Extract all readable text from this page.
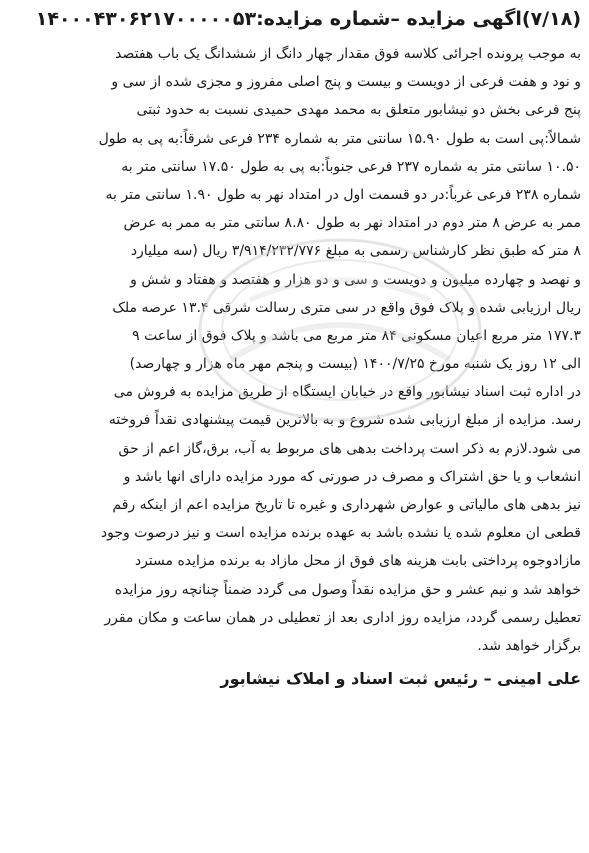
(۷/۱۸)اگهی مزایده –شماره مزایده:۱۴۰۰۰۴۳۰۶۲۱۷۰۰۰۰۰۵۳
به موجب پرونده اجرائی کلاسه فوق مقدار چهار دانگ از ششدانگ یک باب هفتصد
و نود و هفت فرعی از دویست و بیست و پنج اصلی مفروز و مجزی شده از سی و
پنج فرعی بخش دو نیشابور متعلق به محمد مهدی حمیدی نسبت به حدود ثبتی
شمالاً:پی است به طول ۱۵.۹۰ سانتی متر به شماره ۲۳۴ فرعی شرقاً:به پی به طول
۱۰.۵۰ سانتی متر به شماره ۲۳۷ فرعی جنوباً:به پی به طول ۱۷.۵۰ سانتی متر به
شماره ۲۳۸ فرعی غرباً:در دو قسمت اول در امتداد نهر به طول ۱.۹۰ سانتی متر به
ممر به عرض ۸ متر دوم در امتداد نهر به طول ۸.۸۰ سانتی متر به ممر به عرض
۸ متر که طبق نظر کارشناس رسمی به مبلغ ۳/۹۱۴/۲۳۲/۷۷۶ ریال (سه میلیارد
و نهصد و چهارده میلیون و دویست و سی و دو هزار و هفتصد و هفتاد و شش و
ریال ارزیابی شده و پلاک فوق واقع در سی متری رسالت شرقی ۱۳.۴ عرصه ملک
۱۷۷.۳ متر مربع اعیان مسکونی ۸۴ متر مربع می باشد و پلاک فوق از ساعت ۹
الی ۱۲ روز یک شنبه مورخ ۱۴۰۰/۷/۲۵ (بیست و پنجم مهر ماه هزار و چهارصد)
در اداره ثبت اسناد نیشابور واقع در خیابان ایستگاه از طریق مزایده به فروش می
رسد. مزایده از مبلغ ارزیابی شده شروع و به بالاترین قیمت پیشنهادی نقداً فروخته
می شود.لازم به ذکر است پرداخت بدهی های مربوط به آب، برق،گاز اعم از حق
انشعاب و یا حق اشتراک و مصرف در صورتی که مورد مزایده دارای انها باشد و
نیز بدهی های مالیاتی و عوارض شهرداری و غیره تا تاریخ مزایده اعم از اینکه رقم
قطعی ان معلوم شده یا نشده باشد به عهده برنده مزایده است و نیز درصوت وجود
مازادوجوه پرداختی بابت هزینه های فوق از محل مازاد به برنده مزایده مسترد
خواهد شد و نیم عشر و حق مزایده نقداً وصول می گردد ضمناً چنانچه روز مزایده
تعطیل رسمی گردد، مزایده روز اداری بعد از تعطیلی در همان ساعت و مکان مقرر
برگزار خواهد شد.
علی امینی – رئیس ثبت اسناد و املاک نیشابور
